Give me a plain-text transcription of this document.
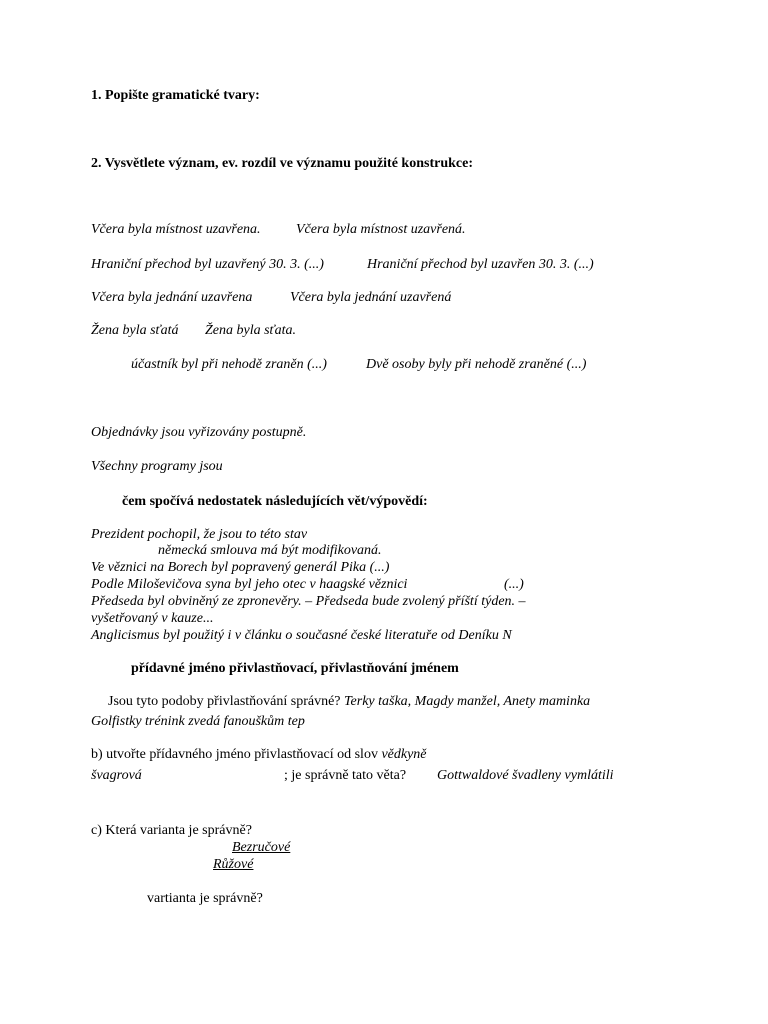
1. Popište gramatické tvary:
2. Vysvětlete význam, ev. rozdíl ve významu použité konstrukce:
Včera byla místnost uzavřena.	Včera byla místnost uzavřená.
Hraniční přechod byl uzavřený 30. 3. (...)	Hraniční přechod byl uzavřen 30. 3. (...)
Včera byla jednání uzavřena	Včera byla jednání uzavřená
Žena byla sťatá Žena byla sťata.
účastník byl při nehodě zraněn (...)	Dvě osoby byly při nehodě zraněné (...)
Objednávky jsou vyřizovány postupně.
Všechny programy jsou
čem spočívá nedostatek následujících vět/výpovědí:
Prezident pochopil, že jsou to této stav
německá smlouva má být modifikovaná.
Ve věznici na Borech byl popravený generál Pika (...)
Podle Miloševičova syna byl jeho otec v haagské věznici	(...)
Předseda byl obviněný ze zpronevěry. – Předseda bude zvolený příští týden. –
vyšetřovaný v kauze...
Anglicismus byl použitý i v článku o současné české literatuře od Deníku N
přídavné jméno přivlastňovací, přivlastňování jménem
Jsou tyto podoby přivlastňování správné? Terky taška, Magdy manžel, Anety maminka
Golfistky trénink zvedá fanouškům tep
b) utvořte přídavného jméno přivlastňovací od slov vědkyně
švagrová	; je správně tato věta? Gottwaldové švadleny vymlátili
c) Která varianta je správně?
Bezručové
Růžové
vartianta je správně?
